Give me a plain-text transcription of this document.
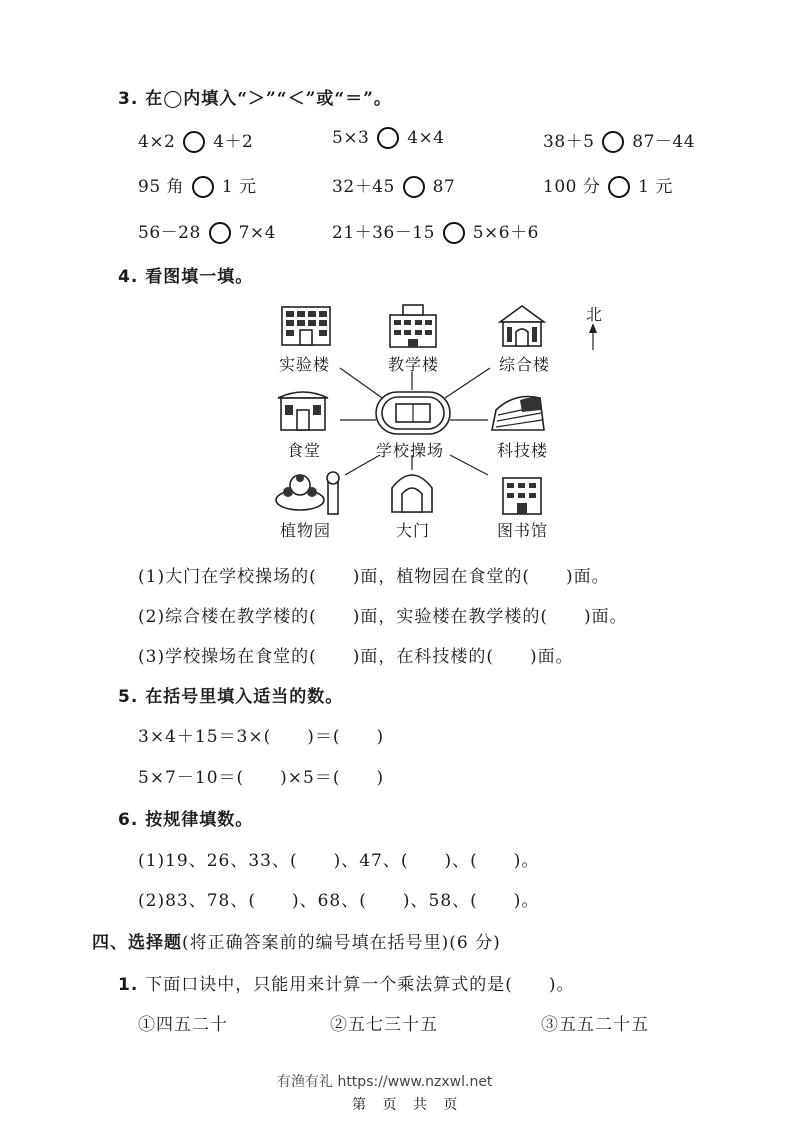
3. 在◯内填入“＞”“＜”或“＝”。
4×2 4＋2	5×3 4×4	38＋5 87－44
95 角 1 元	32＋45 87	100 分 1 元
56－28 7×4	21＋36－15 5×6＋6
4. 看图填一填。
北
实验楼	教学楼	综合楼
食堂	学校操场	科技楼
植物园	大门	图书馆
(1)大门在学校操场的(　　)面，植物园在食堂的(　　)面。
(2)综合楼在教学楼的(　　)面，实验楼在教学楼的(　　)面。
(3)学校操场在食堂的(　　)面，在科技楼的(　　)面。
5. 在括号里填入适当的数。
3×4＋15＝3×(　　)＝(　　)
5×7－10＝(　　)×5＝(　　)
6. 按规律填数。
(1)19、26、33、(　　)、47、(　　)、(　　)。
(2)83、78、(　　)、68、(　　)、58、(　　)。
四、选择题(将正确答案前的编号填在括号里)(6 分)
1. 下面口诀中，只能用来计算一个乘法算式的是(　　)。
①四五二十	②五七三十五	③五五二十五
有渔有礼 https://www.nzxwl.net
第 页 共 页
